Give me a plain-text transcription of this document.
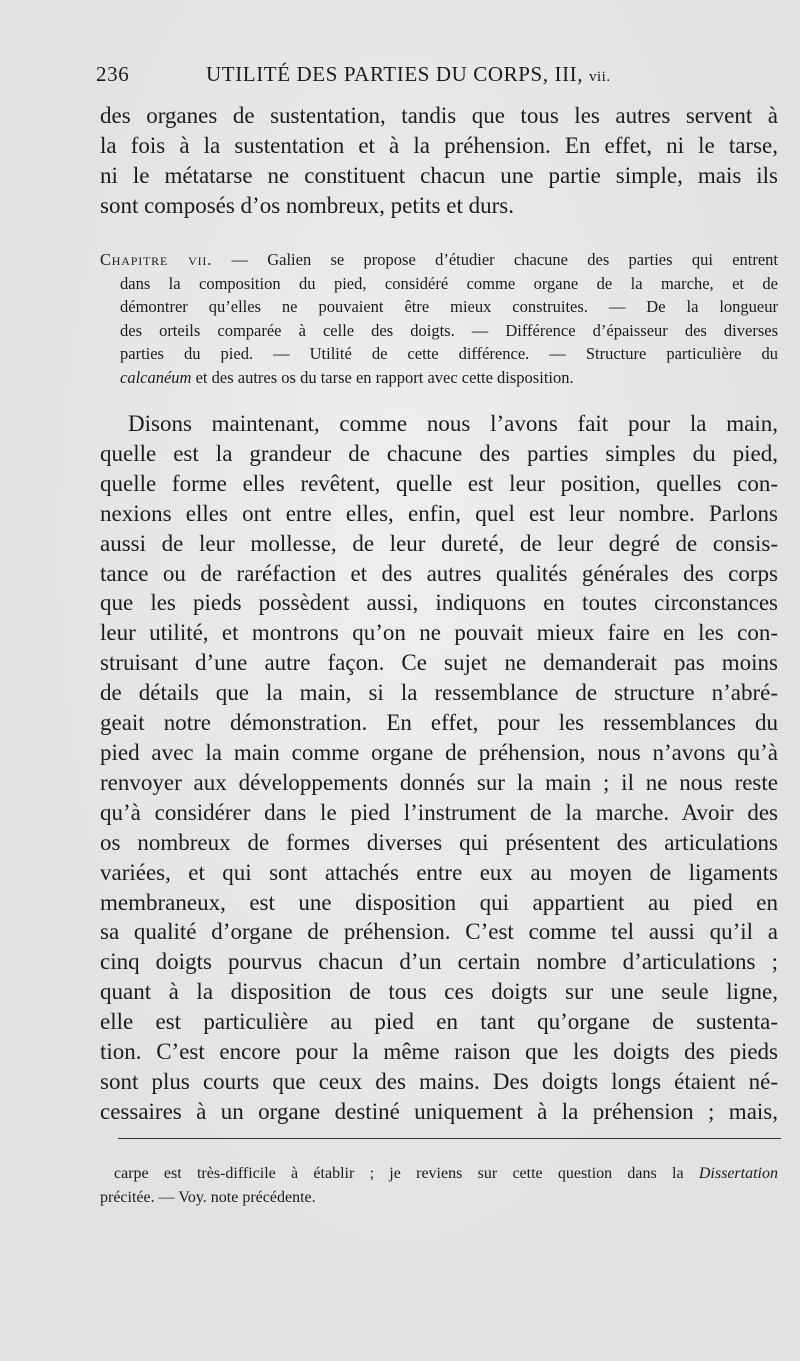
236	UTILITÉ DES PARTIES DU CORPS, III, vii.
des organes de sustentation, tandis que tous les autres servent à
la fois à la sustentation et à la préhension. En effet, ni le tarse,
ni le métatarse ne constituent chacun une partie simple, mais ils
sont composés d’os nombreux, petits et durs.
Chapitre vii. — Galien se propose d’étudier chacune des parties qui entrent
dans la composition du pied, considéré comme organe de la marche, et de
démontrer qu’elles ne pouvaient être mieux construites. — De la longueur
des orteils comparée à celle des doigts. — Différence d’épaisseur des diverses
parties du pied. — Utilité de cette différence. — Structure particulière du
calcanéum et des autres os du tarse en rapport avec cette disposition.
Disons maintenant, comme nous l’avons fait pour la main,
quelle est la grandeur de chacune des parties simples du pied,
quelle forme elles revêtent, quelle est leur position, quelles con-
nexions elles ont entre elles, enfin, quel est leur nombre. Parlons
aussi de leur mollesse, de leur dureté, de leur degré de consis-
tance ou de raréfaction et des autres qualités générales des corps
que les pieds possèdent aussi, indiquons en toutes circonstances
leur utilité, et montrons qu’on ne pouvait mieux faire en les con-
struisant d’une autre façon. Ce sujet ne demanderait pas moins
de détails que la main, si la ressemblance de structure n’abré-
geait notre démonstration. En effet, pour les ressemblances du
pied avec la main comme organe de préhension, nous n’avons qu’à
renvoyer aux développements donnés sur la main ; il ne nous reste
qu’à considérer dans le pied l’instrument de la marche. Avoir des
os nombreux de formes diverses qui présentent des articulations
variées, et qui sont attachés entre eux au moyen de ligaments
membraneux, est une disposition qui appartient au pied en
sa qualité d’organe de préhension. C’est comme tel aussi qu’il a
cinq doigts pourvus chacun d’un certain nombre d’articulations ;
quant à la disposition de tous ces doigts sur une seule ligne,
elle est particulière au pied en tant qu’organe de sustenta-
tion. C’est encore pour la même raison que les doigts des pieds
sont plus courts que ceux des mains. Des doigts longs étaient né-
cessaires à un organe destiné uniquement à la préhension ; mais,
carpe est très-difficile à établir ; je reviens sur cette question dans la Dissertation
précitée. — Voy. note précédente.
